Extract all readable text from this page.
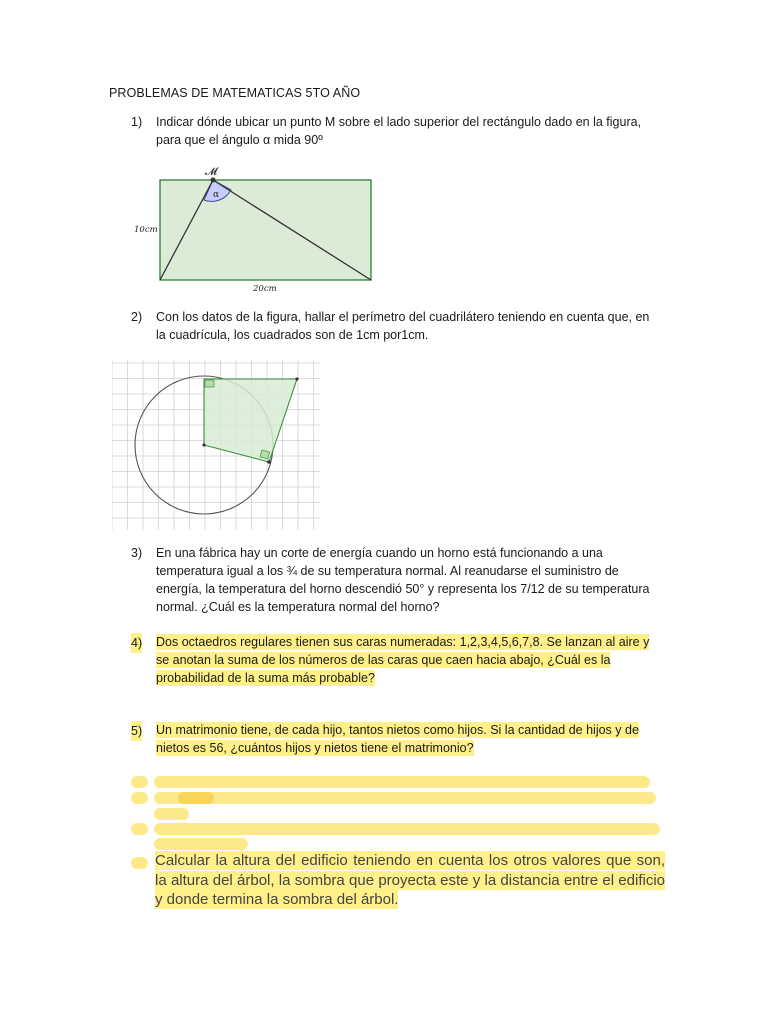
PROBLEMAS DE MATEMATICAS 5TO AÑO
1) Indicar dónde ubicar un punto M sobre el lado superior del rectángulo dado en la figura, para que el ángulo α mida 90º
𝓜
α
10cm
20cm
2) Con los datos de la figura, hallar el perímetro del cuadrilátero teniendo en cuenta que, en la cuadrícula, los cuadrados son de 1cm por1cm.
3) En una fábrica hay un corte de energía cuando un horno está funcionando a una temperatura igual a los ¾ de su temperatura normal. Al reanudarse el suministro de energía, la temperatura del horno descendió 50° y representa los 7/12 de su temperatura normal. ¿Cuál es la temperatura normal del horno?
4) Dos octaedros regulares tienen sus caras numeradas: 1,2,3,4,5,6,7,8. Se lanzan al aire y se anotan la suma de los números de las caras que caen hacia abajo, ¿Cuál es la probabilidad de la suma más probable?
5) Un matrimonio tiene, de cada hijo, tantos nietos como hijos. Si la cantidad de hijos y de nietos es 56, ¿cuántos hijos y nietos tiene el matrimonio?
Calcular la altura del edificio teniendo en cuenta los otros valores que son, la altura del árbol, la sombra que proyecta este y la distancia entre el edificio y donde termina la sombra del árbol.
